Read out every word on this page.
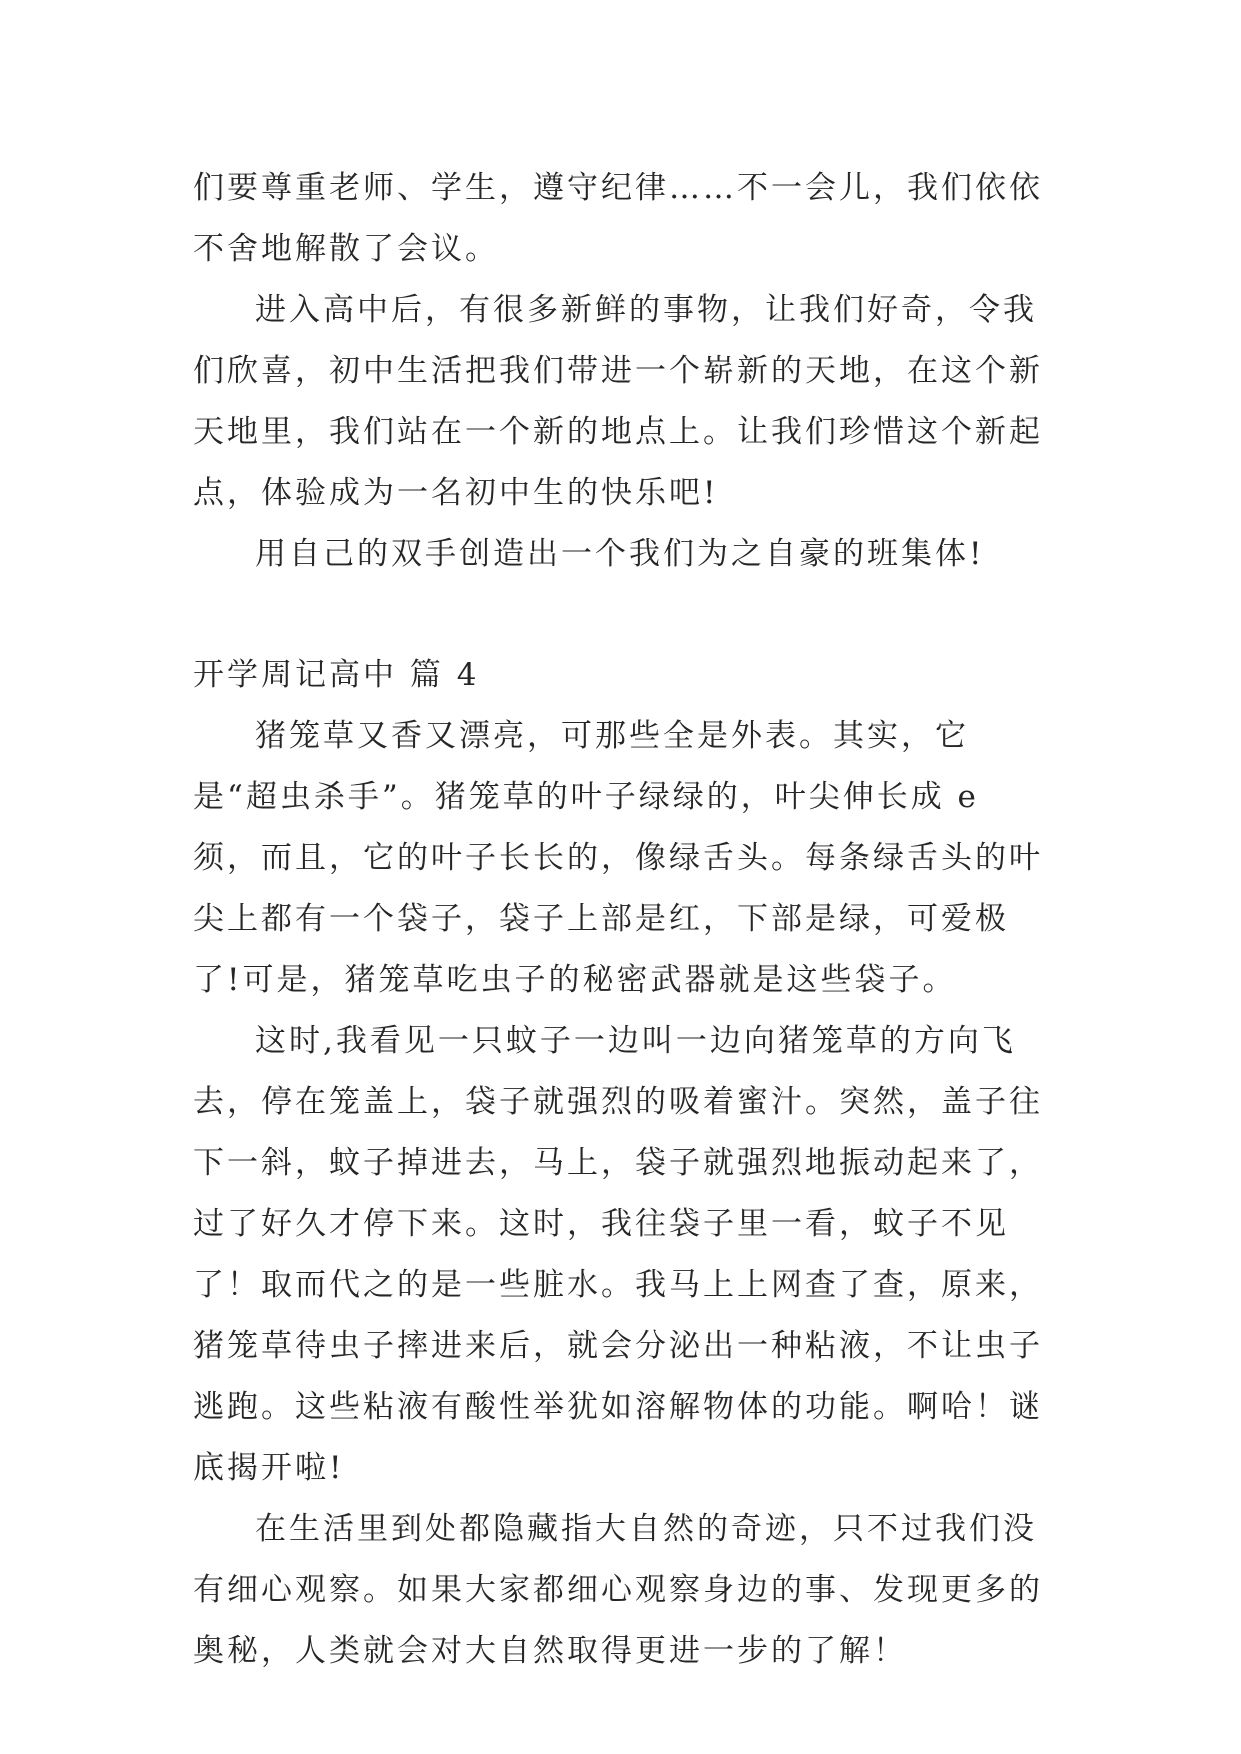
们要尊重老师、学生，遵守纪律……不一会儿，我们依依不舍地解散了会议。

进入高中后，有很多新鲜的事物，让我们好奇，令我们欣喜，初中生活把我们带进一个崭新的天地，在这个新天地里，我们站在一个新的地点上。让我们珍惜这个新起点，体验成为一名初中生的快乐吧!

用自己的双手创造出一个我们为之自豪的班集体!

开学周记高中 篇 4

猪笼草又香又漂亮，可那些全是外表。其实，它是“超虫杀手”。猪笼草的叶子绿绿的，叶尖伸长成 e 须，而且，它的叶子长长的，像绿舌头。每条绿舌头的叶尖上都有一个袋子，袋子上部是红，下部是绿，可爱极了!可是，猪笼草吃虫子的秘密武器就是这些袋子。

这时,我看见一只蚊子一边叫一边向猪笼草的方向飞去，停在笼盖上，袋子就强烈的吸着蜜汁。突然，盖子往下一斜，蚊子掉进去，马上，袋子就强烈地振动起来了，过了好久才停下来。这时，我往袋子里一看，蚊子不见了！取而代之的是一些脏水。我马上上网查了查，原来，猪笼草待虫子摔进来后，就会分泌出一种粘液，不让虫子逃跑。这些粘液有酸性举犹如溶解物体的功能。啊哈！谜底揭开啦!

在生活里到处都隐藏指大自然的奇迹，只不过我们没有细心观察。如果大家都细心观察身边的事、发现更多的奥秘，人类就会对大自然取得更进一步的了解！
